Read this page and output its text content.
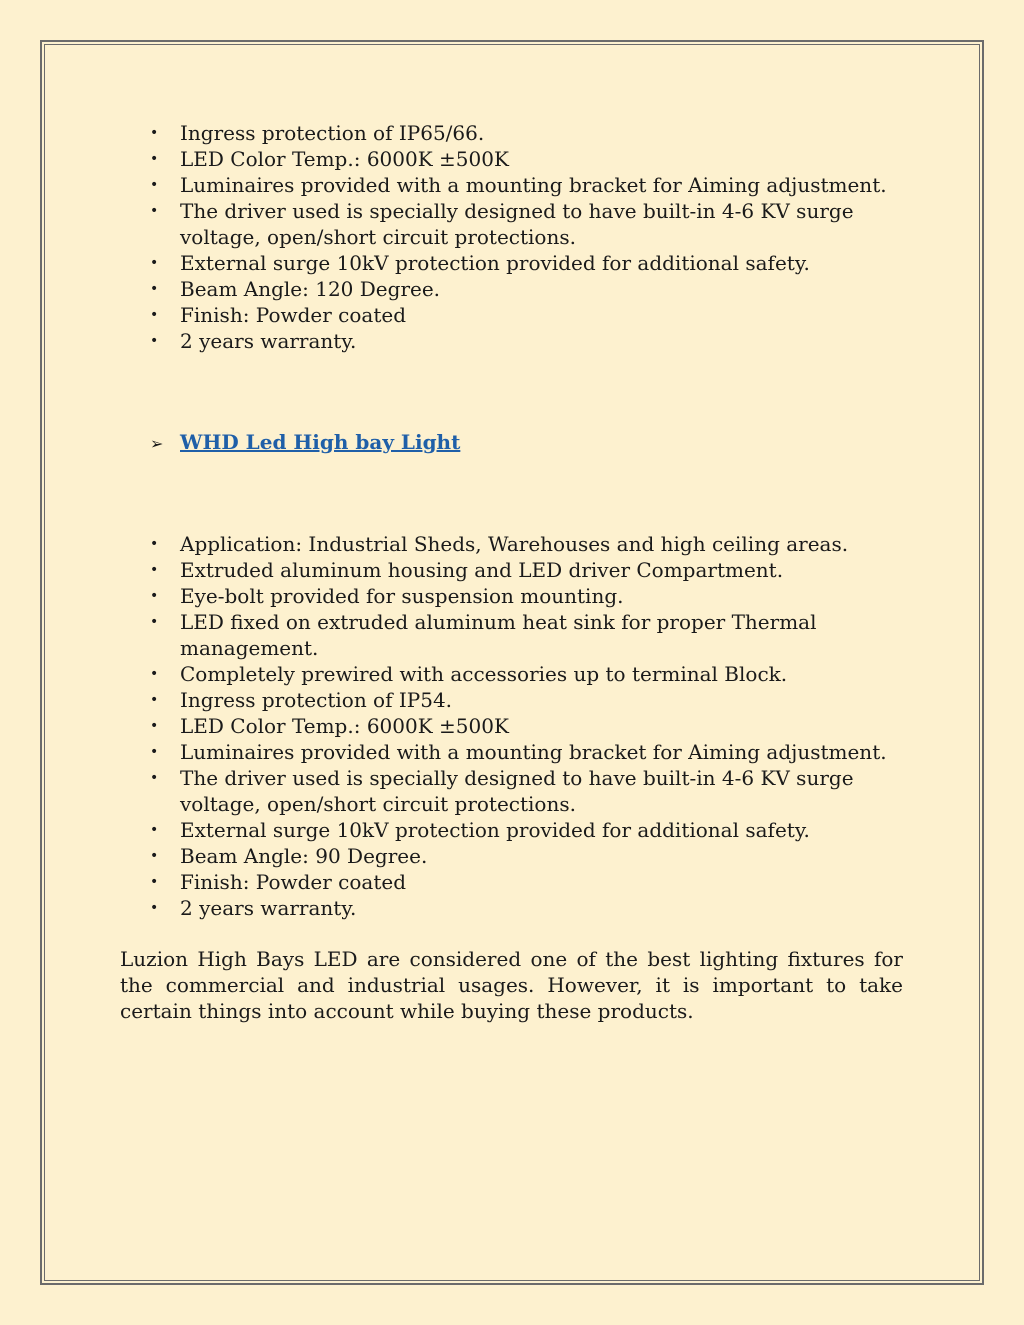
• Ingress protection of IP65/66.
• LED Color Temp.: 6000K ±500K
• Luminaires provided with a mounting bracket for Aiming adjustment.
• The driver used is specially designed to have built-in 4-6 KV surge voltage, open/short circuit protections.
• External surge 10kV protection provided for additional safety.
• Beam Angle: 120 Degree.
• Finish: Powder coated
• 2 years warranty.
➢ WHD Led High bay Light
• Application: Industrial Sheds, Warehouses and high ceiling areas.
• Extruded aluminum housing and LED driver Compartment.
• Eye-bolt provided for suspension mounting.
• LED fixed on extruded aluminum heat sink for proper Thermal management.
• Completely prewired with accessories up to terminal Block.
• Ingress protection of IP54.
• LED Color Temp.: 6000K ±500K
• Luminaires provided with a mounting bracket for Aiming adjustment.
• The driver used is specially designed to have built-in 4-6 KV surge voltage, open/short circuit protections.
• External surge 10kV protection provided for additional safety.
• Beam Angle: 90 Degree.
• Finish: Powder coated
• 2 years warranty.

Luzion High Bays LED are considered one of the best lighting fixtures for the commercial and industrial usages. However, it is important to take certain things into account while buying these products.
